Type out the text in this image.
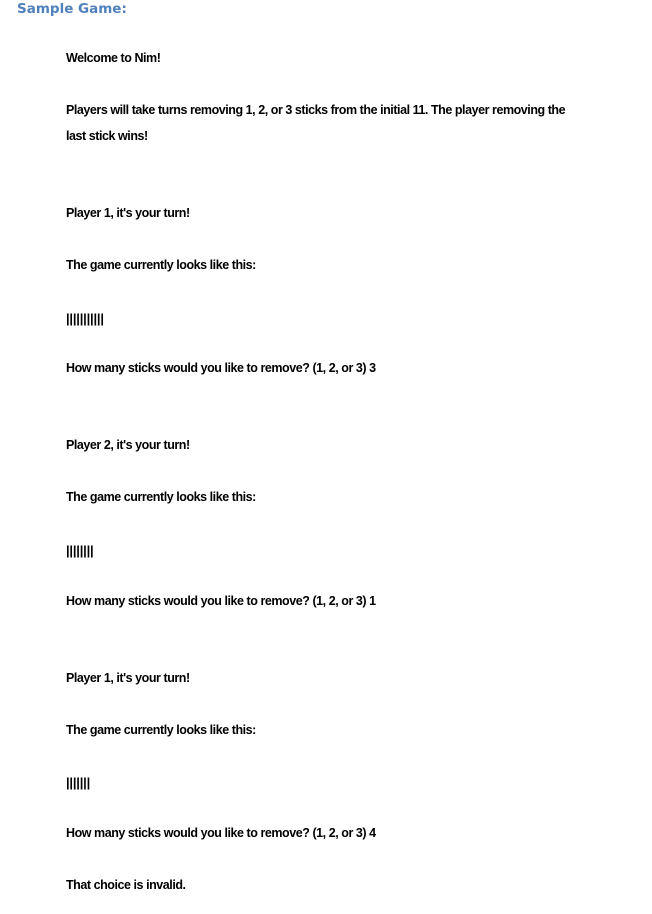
Sample Game:

Welcome to Nim!

Players will take turns removing 1, 2, or 3 sticks from the initial 11. The player removing the

last stick wins!

Player 1, it's your turn!

The game currently looks like this:

|||||||||||

How many sticks would you like to remove? (1, 2, or 3) 3

Player 2, it's your turn!

The game currently looks like this:

||||||||

How many sticks would you like to remove? (1, 2, or 3) 1

Player 1, it's your turn!

The game currently looks like this:

|||||||

How many sticks would you like to remove? (1, 2, or 3) 4

That choice is invalid.
